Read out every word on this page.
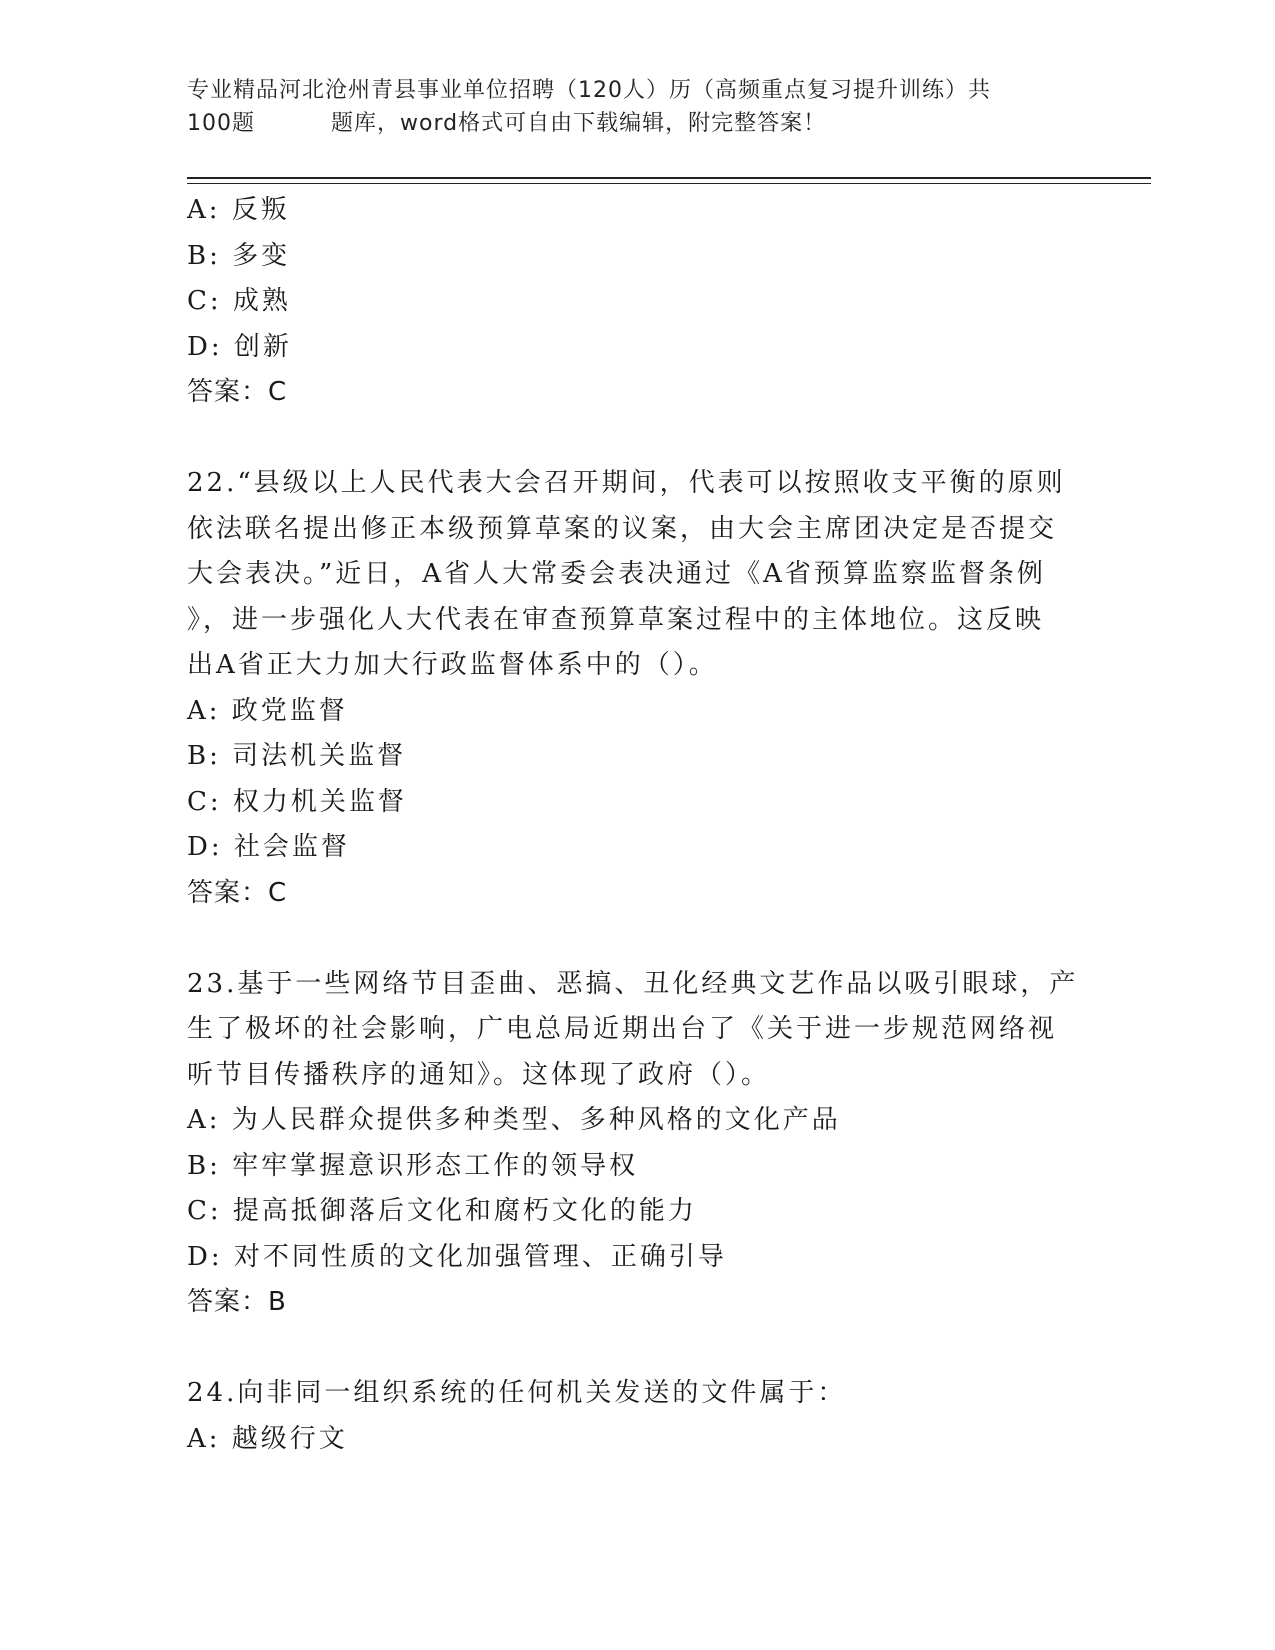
专业精品河北沧州青县事业单位招聘（120人）历（高频重点复习提升训练）共
100题	题库，word格式可自由下载编辑，附完整答案！
A: 反叛
B: 多变
C: 成熟
D: 创新
答案：C
22.“县级以上人民代表大会召开期间，代表可以按照收支平衡的原则
依法联名提出修正本级预算草案的议案，由大会主席团决定是否提交
大会表决。”近日，A省人大常委会表决通过《A省预算监察监督条例
》，进一步强化人大代表在审查预算草案过程中的主体地位。这反映
出A省正大力加大行政监督体系中的（）。
A: 政党监督
B: 司法机关监督
C: 权力机关监督
D: 社会监督
答案：C
23.基于一些网络节目歪曲、恶搞、丑化经典文艺作品以吸引眼球，产
生了极坏的社会影响，广电总局近期出台了《关于进一步规范网络视
听节目传播秩序的通知》。这体现了政府（）。
A: 为人民群众提供多种类型、多种风格的文化产品
B: 牢牢掌握意识形态工作的领导权
C: 提高抵御落后文化和腐朽文化的能力
D: 对不同性质的文化加强管理、正确引导
答案：B
24.向非同一组织系统的任何机关发送的文件属于：
A: 越级行文
